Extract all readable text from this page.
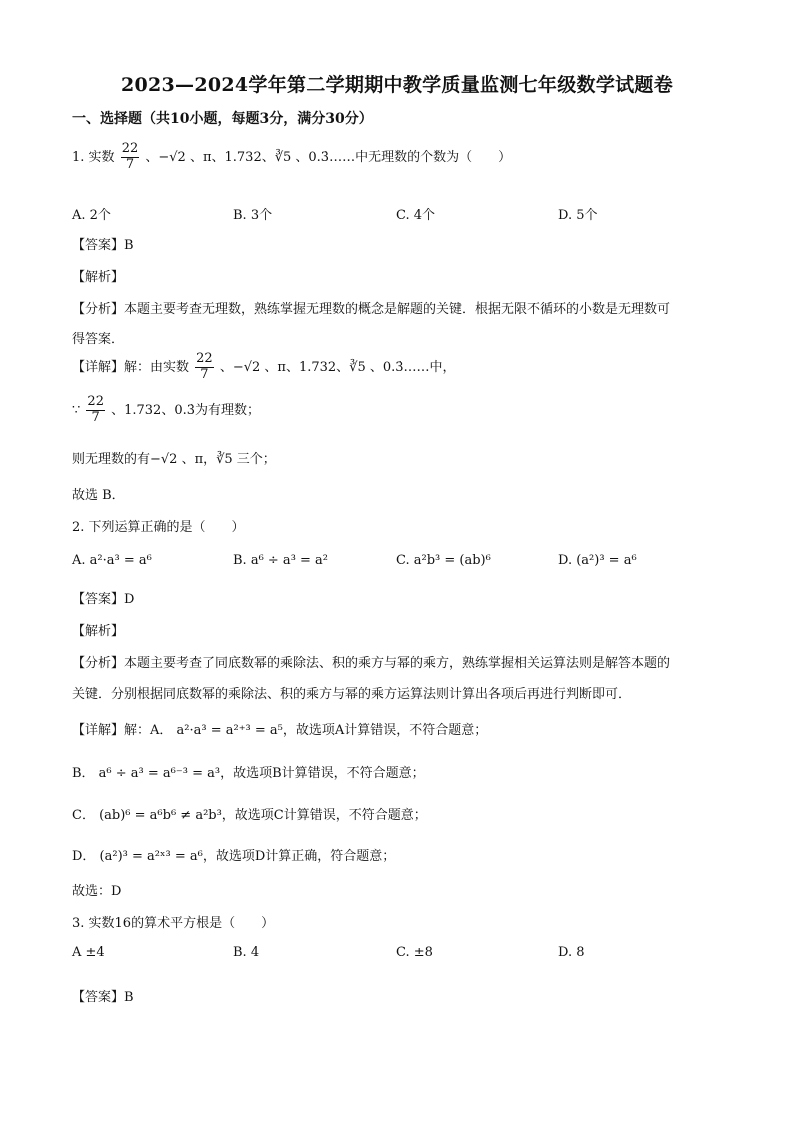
2023—2024学年第二学期期中教学质量监测七年级数学试题卷
一、选择题（共10小题，每题3分，满分30分）
1. 实数 $\frac{22}{7}$ 、−√2 、π、1.732、∛5 、0.3̇……中无理数的个数为（　　）
A. 2个	B. 3个	C. 4个	D. 5个
【答案】B
【解析】
【分析】本题主要考查无理数，熟练掌握无理数的概念是解题的关键．根据无限不循环的小数是无理数可
得答案．
【详解】解：由实数 $\frac{22}{7}$ 、−√2 、π、1.732、∛5 、0.3̇……中，
∵ $\frac{22}{7}$ 、1.732、0.3̇为有理数；
则无理数的有−√2 、π，∛5 三个；
故选 B．
2. 下列运算正确的是（　　）
A. a²·a³ = a⁶	B. a⁶ ÷ a³ = a²	C. a²b³ = (ab)⁶	D. (a²)³ = a⁶
【答案】D
【解析】
【分析】本题主要考查了同底数幂的乘除法、积的乘方与幂的乘方，熟练掌握相关运算法则是解答本题的
关键．分别根据同底数幂的乘除法、积的乘方与幂的乘方运算法则计算出各项后再进行判断即可．
【详解】解：A． a²·a³ = a²⁺³ = a⁵，故选项A计算错误，不符合题意；
B． a⁶ ÷ a³ = a⁶⁻³ = a³，故选项B计算错误，不符合题意；
C． (ab)⁶ = a⁶b⁶ ≠ a²b³，故选项C计算错误，不符合题意；
D． (a²)³ = a²ˣ³ = a⁶，故选项D计算正确，符合题意；
故选：D
3. 实数16的算术平方根是（　　）
A ±4	B. 4	C. ±8	D. 8
【答案】B
